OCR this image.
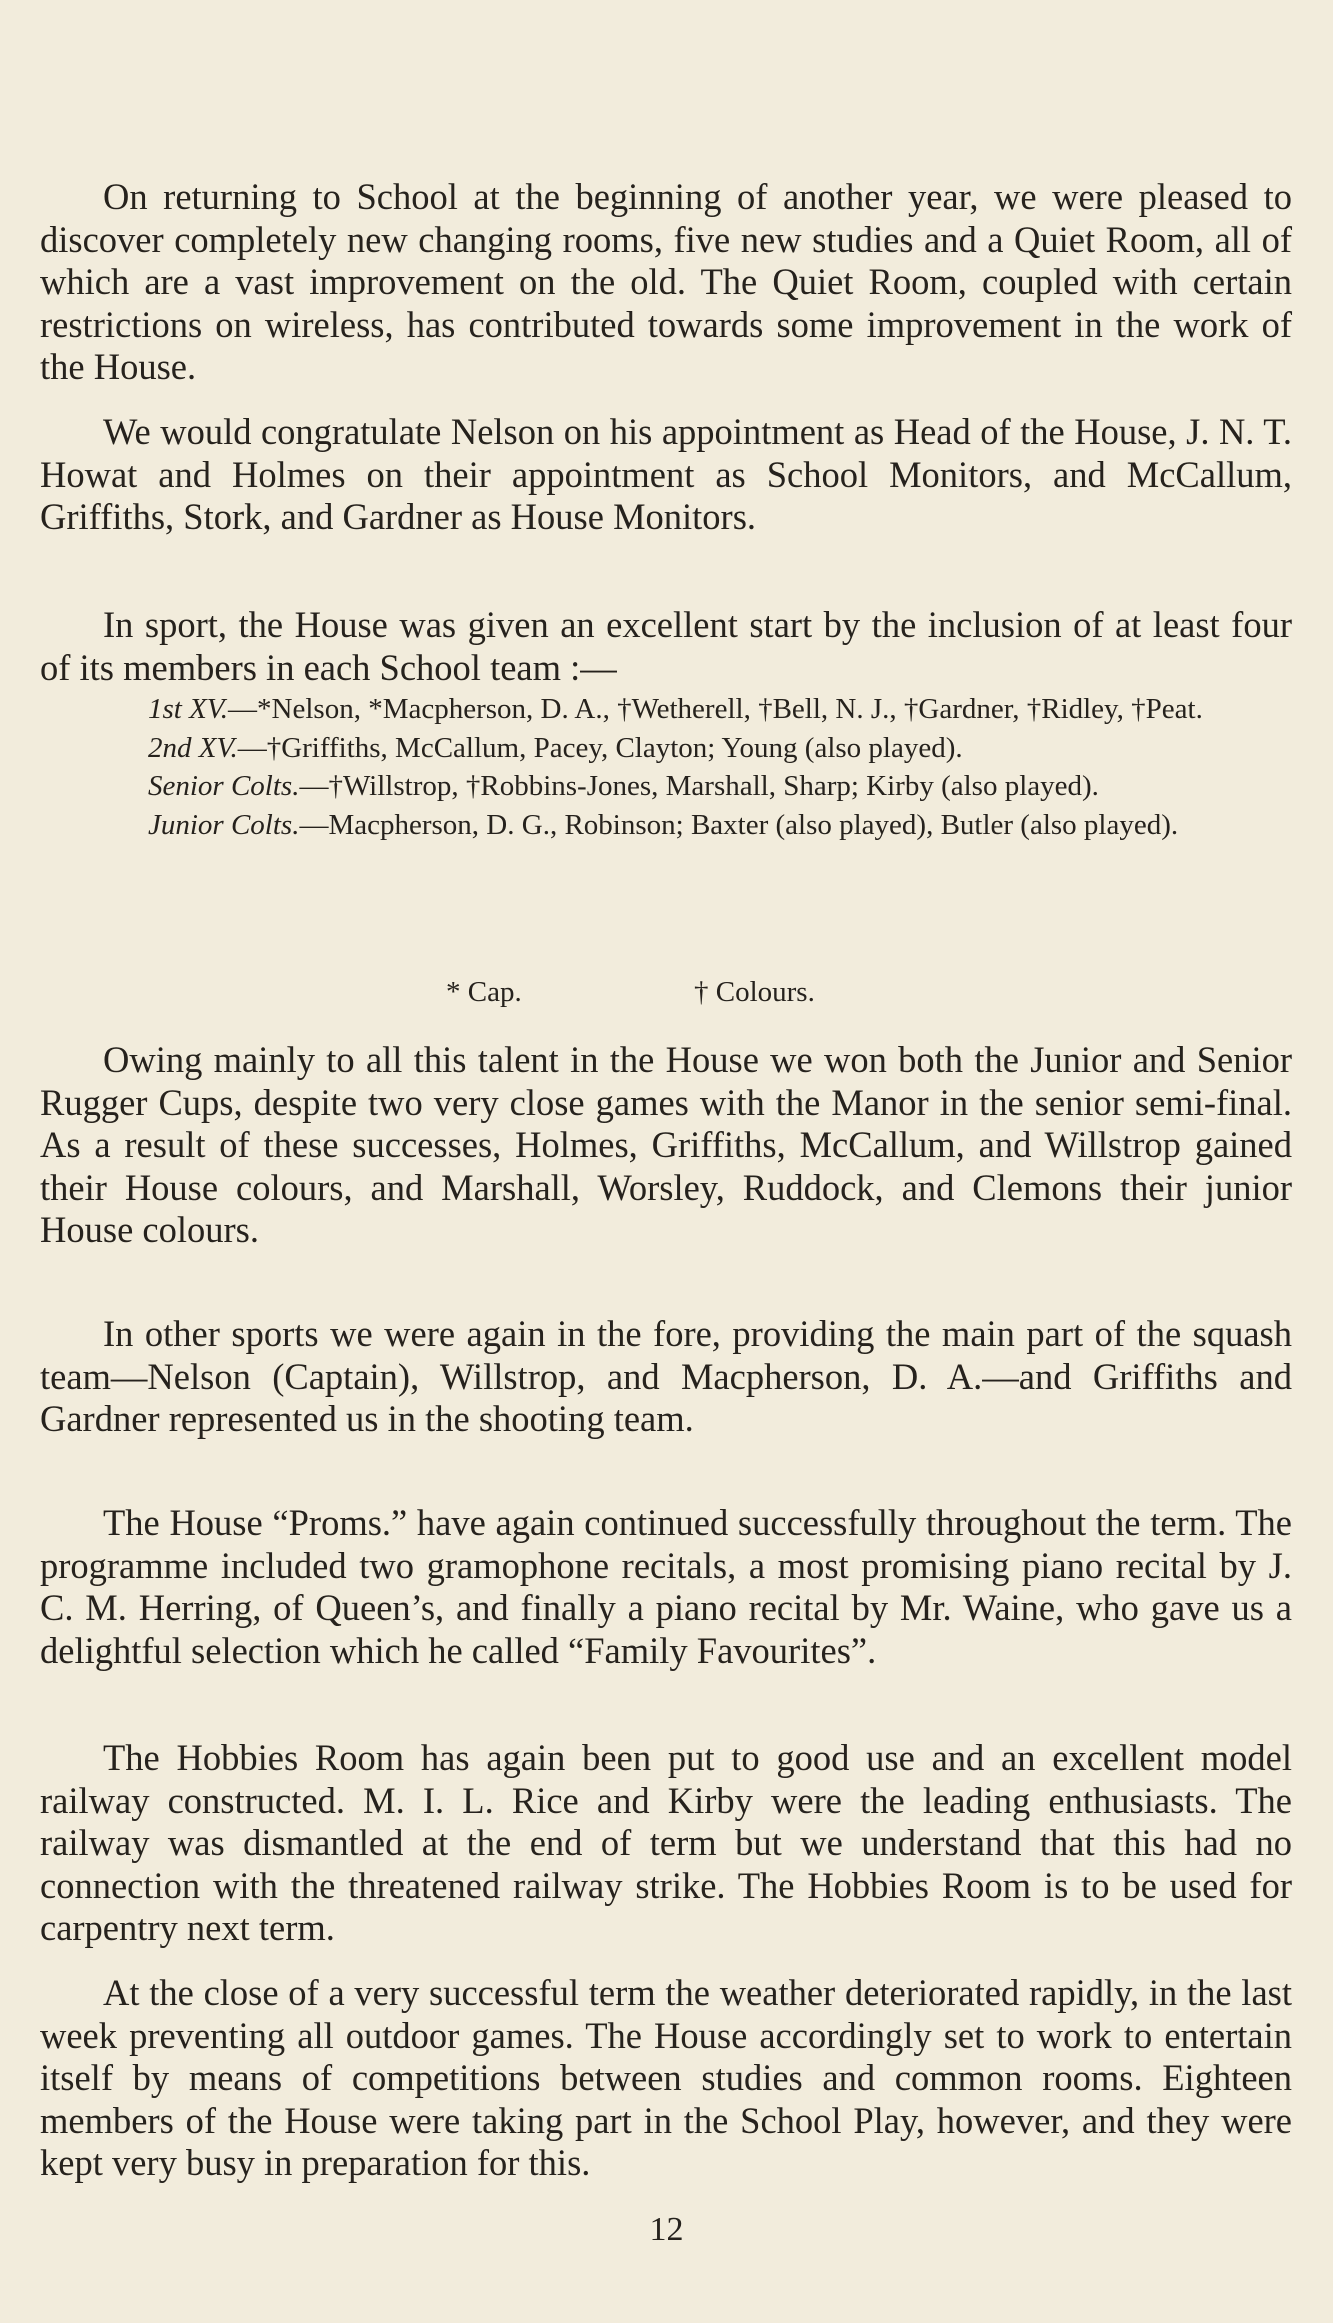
On returning to School at the beginning of another year, we were pleased to discover completely new changing rooms, five new studies and a Quiet Room, all of which are a vast improvement on the old. The Quiet Room, coupled with certain restrictions on wireless, has contributed towards some improvement in the work of the House.

We would congratulate Nelson on his appointment as Head of the House, J. N. T. Howat and Holmes on their appointment as School Monitors, and McCallum, Griffiths, Stork, and Gardner as House Monitors.

In sport, the House was given an excellent start by the inclusion of at least four of its members in each School team :—

1st XV.—*Nelson, *Macpherson, D. A., †Wetherell, †Bell, N. J., †Gardner, †Ridley, †Peat.
2nd XV.—†Griffiths, McCallum, Pacey, Clayton; Young (also played).
Senior Colts.—†Willstrop, †Robbins-Jones, Marshall, Sharp; Kirby (also played).
Junior Colts.—Macpherson, D. G., Robinson; Baxter (also played), Butler (also played).
* Cap.	† Colours.

Owing mainly to all this talent in the House we won both the Junior and Senior Rugger Cups, despite two very close games with the Manor in the senior semi-final. As a result of these successes, Holmes, Griffiths, McCallum, and Willstrop gained their House colours, and Marshall, Worsley, Ruddock, and Clemons their junior House colours.

In other sports we were again in the fore, providing the main part of the squash team—Nelson (Captain), Willstrop, and Macpherson, D. A.—and Griffiths and Gardner represented us in the shooting team.

The House “Proms.” have again continued successfully throughout the term. The programme included two gramophone recitals, a most promising piano recital by J. C. M. Herring, of Queen’s, and finally a piano recital by Mr. Waine, who gave us a delightful selection which he called “Family Favourites”.

The Hobbies Room has again been put to good use and an excellent model railway constructed. M. I. L. Rice and Kirby were the leading enthusiasts. The railway was dismantled at the end of term but we understand that this had no connection with the threatened railway strike. The Hobbies Room is to be used for carpentry next term.

At the close of a very successful term the weather deteriorated rapidly, in the last week preventing all outdoor games. The House accordingly set to work to entertain itself by means of competitions between studies and common rooms. Eighteen members of the House were taking part in the School Play, however, and they were kept very busy in preparation for this.

12
